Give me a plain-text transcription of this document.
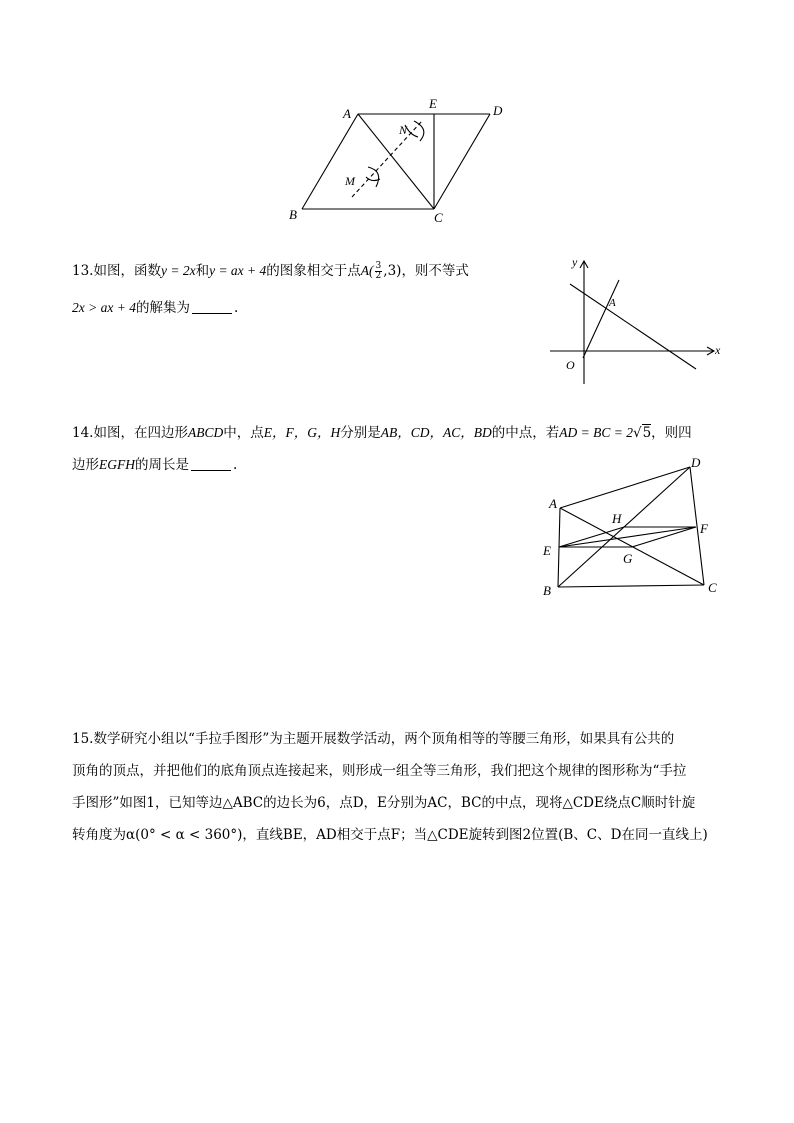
A
E	D
N
M
B	C
13.如图，函数y = 2x和y = ax + 4的图象相交于点$A( \frac{3}{2} ,3)$，则不等式
2x > ax + 4的解集为	.
x
y
O
A
14.如图，在四边形ABCD中，点E，F，G，H分别是AB，CD，AC，BD的中点，若AD = BC = 2√5，则四
边形EGFH的周长是	.	D
A
H
F
E
G
B	C
15.数学研究小组以“手拉手图形”为主题开展数学活动，两个顶角相等的等腰三角形，如果具有公共的
顶角的顶点，并把他们的底角顶点连接起来，则形成一组全等三角形，我们把这个规律的图形称为“手拉
手图形”如图1，已知等边△ABC的边长为6，点D，E分别为AC，BC的中点，现将△CDE绕点C顺时针旋
转角度为α(0° < α < 360°)，直线BE，AD相交于点F；当△CDE旋转到图2位置(B、C、D在同一直线上)
